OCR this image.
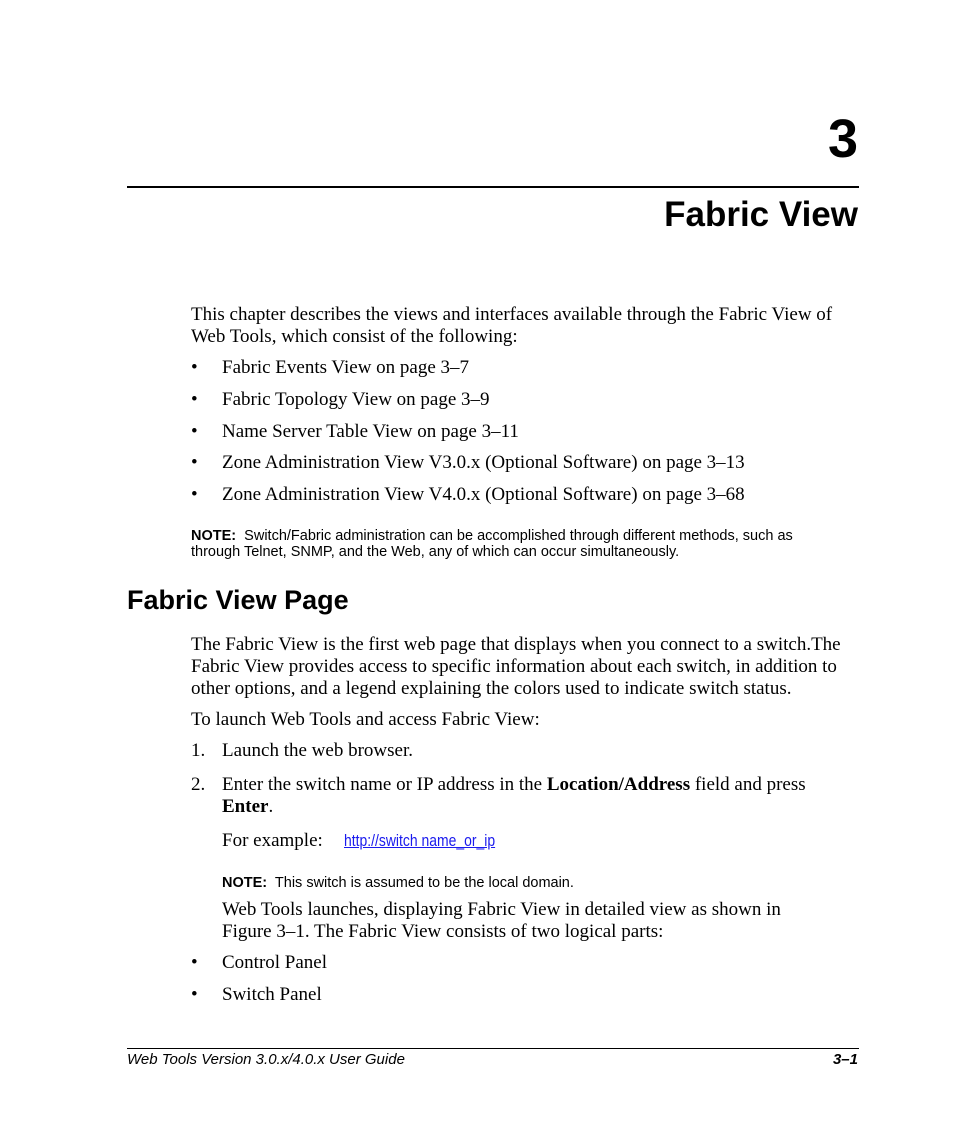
3
Fabric View
This chapter describes the views and interfaces available through the Fabric View of
Web Tools, which consist of the following:
• Fabric Events View on page 3–7
• Fabric Topology View on page 3–9
• Name Server Table View on page 3–11
• Zone Administration View V3.0.x (Optional Software) on page 3–13
• Zone Administration View V4.0.x (Optional Software) on page 3–68
NOTE: Switch/Fabric administration can be accomplished through different methods, such as
through Telnet, SNMP, and the Web, any of which can occur simultaneously.
Fabric View Page
The Fabric View is the first web page that displays when you connect to a switch.The
Fabric View provides access to specific information about each switch, in addition to
other options, and a legend explaining the colors used to indicate switch status.
To launch Web Tools and access Fabric View:
1. Launch the web browser.
2. Enter the switch name or IP address in the Location/Address field and press
Enter.
For example: http://switch name_or_ip
NOTE: This switch is assumed to be the local domain.
Web Tools launches, displaying Fabric View in detailed view as shown in
Figure 3–1. The Fabric View consists of two logical parts:
• Control Panel
• Switch Panel
Web Tools Version 3.0.x/4.0.x User Guide	3–1
